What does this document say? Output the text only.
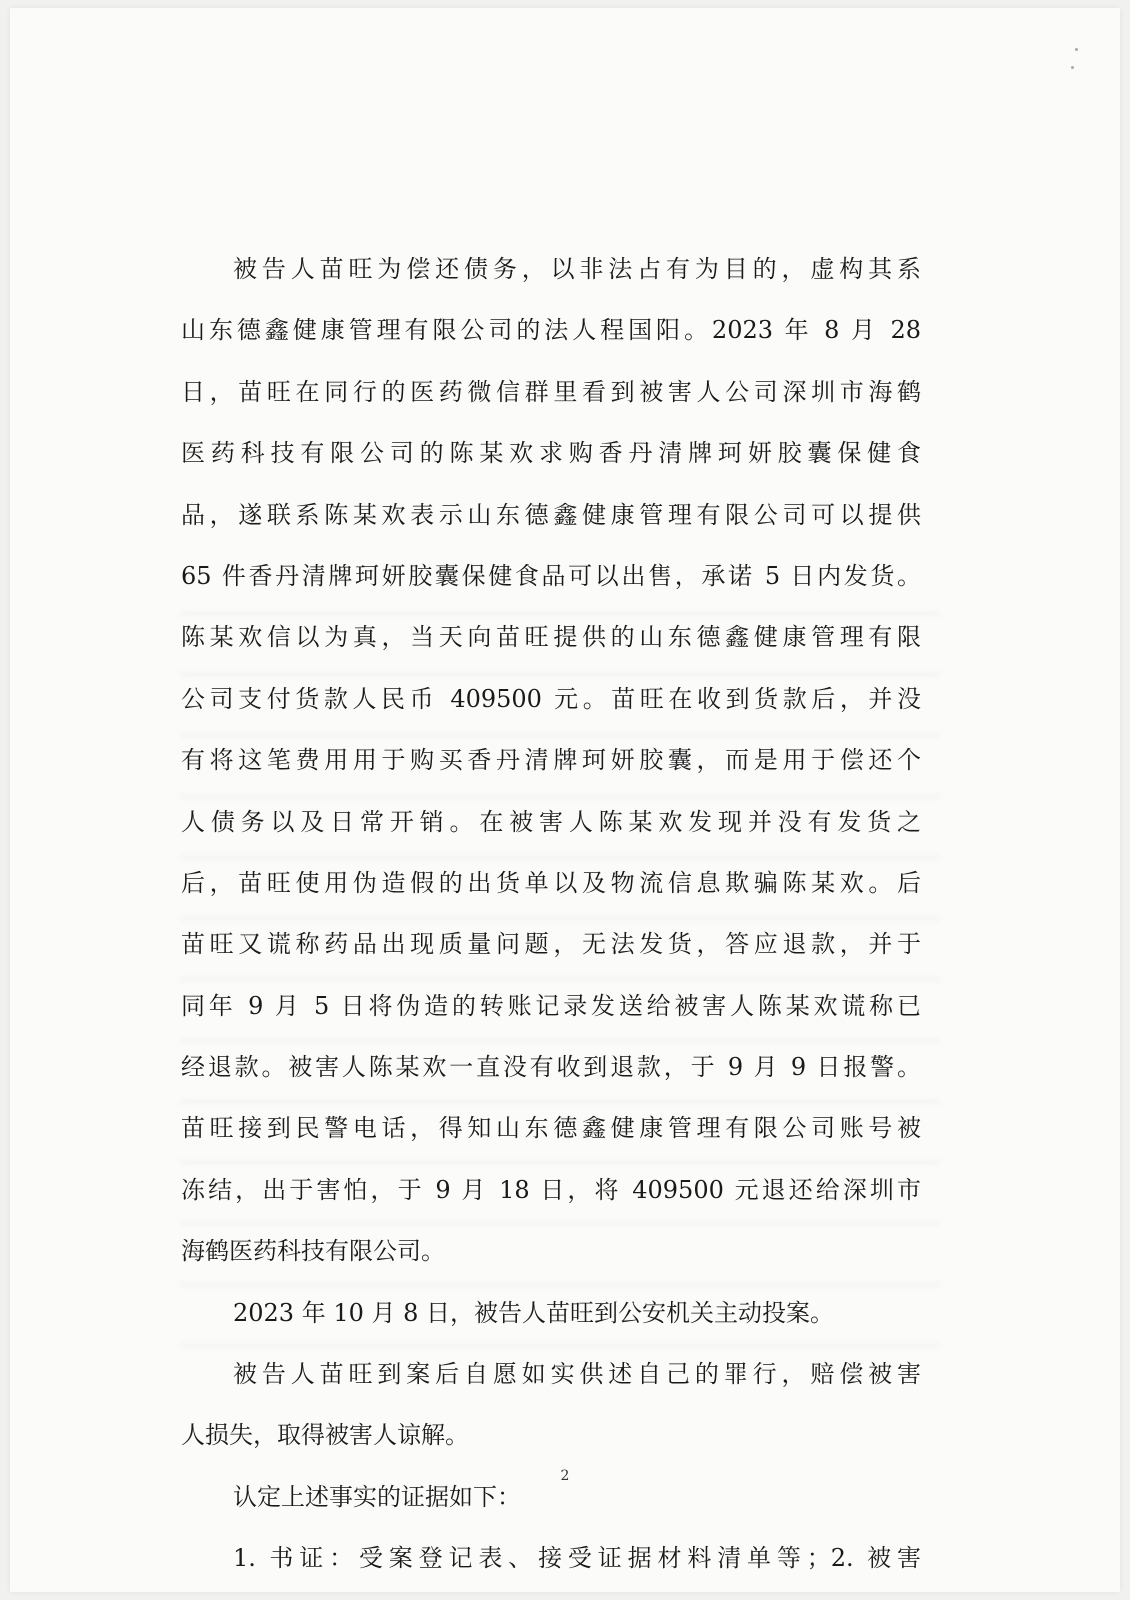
被告人苗旺为偿还债务，以非法占有为目的，虚构其系
山东德鑫健康管理有限公司的法人程国阳。2023 年 8 月 28
日，苗旺在同行的医药微信群里看到被害人公司深圳市海鹤
医药科技有限公司的陈某欢求购香丹清牌珂妍胶囊保健食
品，遂联系陈某欢表示山东德鑫健康管理有限公司可以提供
65 件香丹清牌珂妍胶囊保健食品可以出售，承诺 5 日内发货。
陈某欢信以为真，当天向苗旺提供的山东德鑫健康管理有限
公司支付货款人民币 409500 元。苗旺在收到货款后，并没
有将这笔费用用于购买香丹清牌珂妍胶囊，而是用于偿还个
人债务以及日常开销。在被害人陈某欢发现并没有发货之
后，苗旺使用伪造假的出货单以及物流信息欺骗陈某欢。后
苗旺又谎称药品出现质量问题，无法发货，答应退款，并于
同年 9 月 5 日将伪造的转账记录发送给被害人陈某欢谎称已
经退款。被害人陈某欢一直没有收到退款，于 9 月 9 日报警。
苗旺接到民警电话，得知山东德鑫健康管理有限公司账号被
冻结，出于害怕，于 9 月 18 日，将 409500 元退还给深圳市
海鹤医药科技有限公司。
2023 年 10 月 8 日，被告人苗旺到公安机关主动投案。
被告人苗旺到案后自愿如实供述自己的罪行，赔偿被害
人损失，取得被害人谅解。
认定上述事实的证据如下：
1. 书证：受案登记表、接受证据材料清单等；2. 被害
2
